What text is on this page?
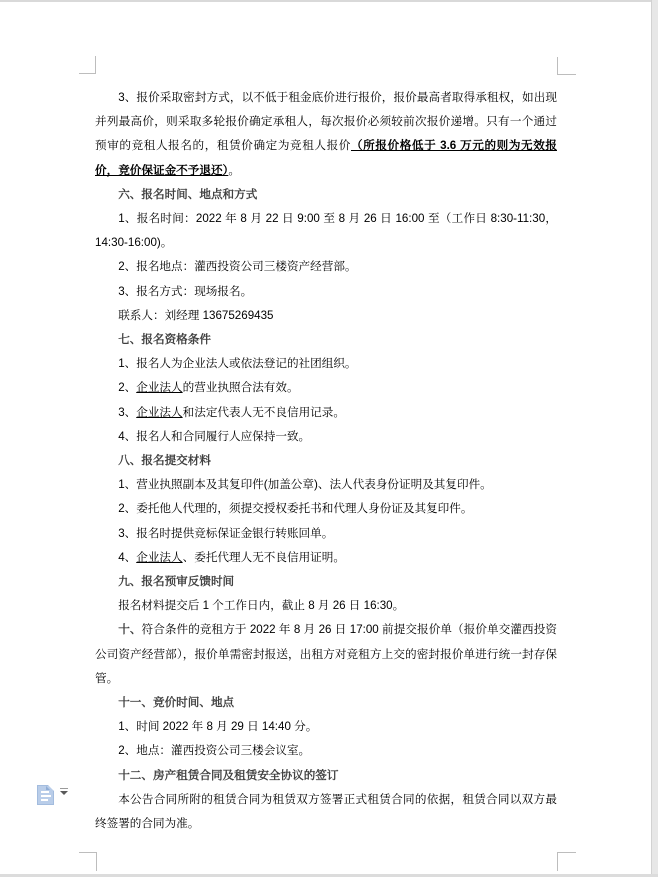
3、报价采取密封方式，以不低于租金底价进行报价，报价最高者取得承租权，如出现并列最高价，则采取多轮报价确定承租人，每次报价必须较前次报价递增。只有一个通过预审的竞租人报名的，租赁价确定为竞租人报价（所报价格低于 3.6 万元的则为无效报价，竞价保证金不予退还）。

六、报名时间、地点和方式

1、报名时间：2022 年 8 月 22 日 9:00 至 8 月 26 日 16:00 至（工作日 8:30-11:30，14:30-16:00)。

2、报名地点：灌西投资公司三楼资产经营部。

3、报名方式：现场报名。

联系人：刘经理 13675269435

七、报名资格条件

1、报名人为企业法人或依法登记的社团组织。

2、企业法人的营业执照合法有效。

3、企业法人和法定代表人无不良信用记录。

4、报名人和合同履行人应保持一致。

八、报名提交材料

1、营业执照副本及其复印件(加盖公章)、法人代表身份证明及其复印件。

2、委托他人代理的，须提交授权委托书和代理人身份证及其复印件。

3、报名时提供竞标保证金银行转账回单。

4、企业法人、委托代理人无不良信用证明。

九、报名预审反馈时间

报名材料提交后 1 个工作日内，截止 8 月 26 日 16:30。

十、符合条件的竞租方于 2022 年 8 月 26 日 17:00 前提交报价单（报价单交灌西投资公司资产经营部），报价单需密封报送，出租方对竞租方上交的密封报价单进行统一封存保管。

十一、竞价时间、地点

1、时间 2022 年 8 月 29 日 14:40 分。

2、地点：灌西投资公司三楼会议室。

十二、房产租赁合同及租赁安全协议的签订

本公告合同所附的租赁合同为租赁双方签署正式租赁合同的依据，租赁合同以双方最终签署的合同为准。
